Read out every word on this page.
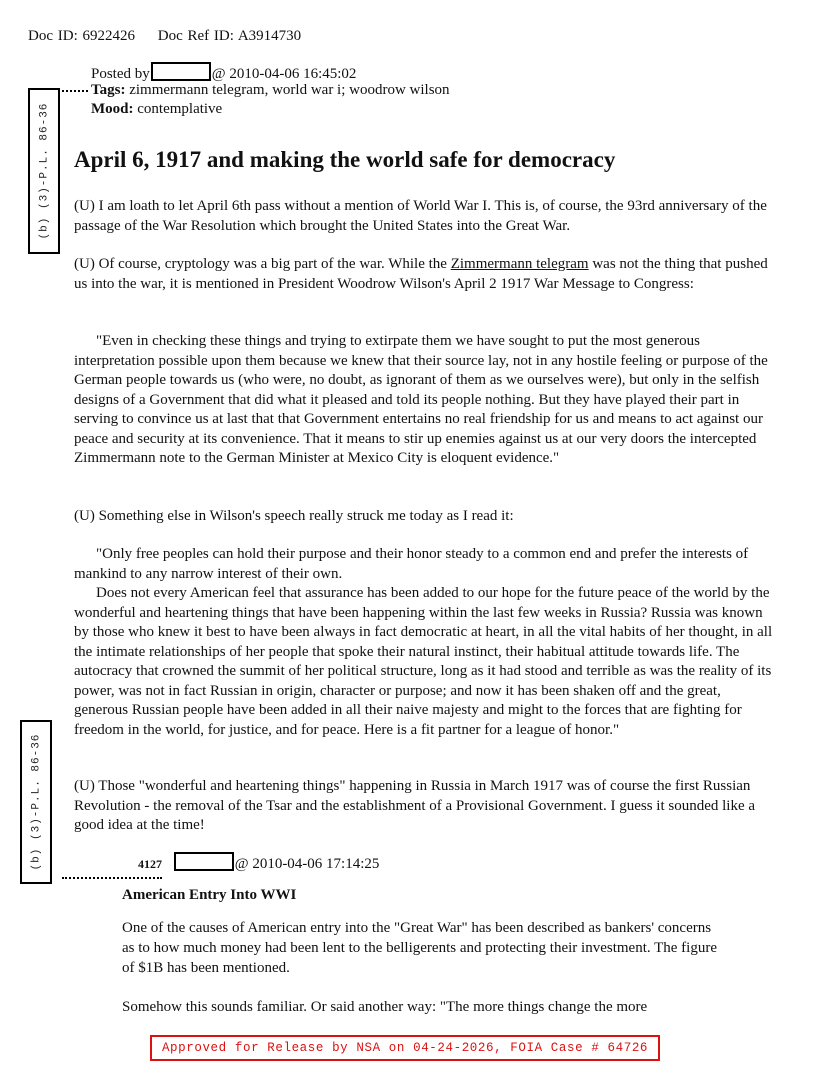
Doc ID: 6922426 Doc Ref ID: A3914730
Posted by	@ 2010-04-06 16:45:02
Tags: zimmermann telegram, world war i; woodrow wilson
Mood: contemplative
(b) (3)-P.L. 86-36
(b) (3)-P.L. 86-36
April 6, 1917 and making the world safe for democracy

(U) I am loath to let April 6th pass without a mention of World War I. This is, of course, the 93rd anniversary of the passage of the War Resolution which brought the United States into the Great War.

(U) Of course, cryptology was a big part of the war. While the Zimmermann telegram was not the thing that pushed us into the war, it is mentioned in President Woodrow Wilson's April 2 1917 War Message to Congress:

"Even in checking these things and trying to extirpate them we have sought to put the most generous interpretation possible upon them because we knew that their source lay, not in any hostile feeling or purpose of the German people towards us (who were, no doubt, as ignorant of them as we ourselves were), but only in the selfish designs of a Government that did what it pleased and told its people nothing. But they have played their part in serving to convince us at last that that Government entertains no real friendship for us and means to act against our peace and security at its convenience. That it means to stir up enemies against us at our very doors the intercepted Zimmermann note to the German Minister at Mexico City is eloquent evidence."

(U) Something else in Wilson's speech really struck me today as I read it:

"Only free peoples can hold their purpose and their honor steady to a common end and prefer the interests of mankind to any narrow interest of their own.

Does not every American feel that assurance has been added to our hope for the future peace of the world by the wonderful and heartening things that have been happening within the last few weeks in Russia? Russia was known by those who knew it best to have been always in fact democratic at heart, in all the vital habits of her thought, in all the intimate relationships of her people that spoke their natural instinct, their habitual attitude towards life. The autocracy that crowned the summit of her political structure, long as it had stood and terrible as was the reality of its power, was not in fact Russian in origin, character or purpose; and now it has been shaken off and the great, generous Russian people have been added in all their naive majesty and might to the forces that are fighting for freedom in the world, for justice, and for peace. Here is a fit partner for a league of honor."

(U) Those "wonderful and heartening things" happening in Russia in March 1917 was of course the first Russian Revolution - the removal of the Tsar and the establishment of a Provisional Government. I guess it sounded like a good idea at the time!

4127	@ 2010-04-06 17:14:25
American Entry Into WWI

One of the causes of American entry into the "Great War" has been described as bankers' concerns as to how much money had been lent to the belligerents and protecting their investment. The figure of $1B has been mentioned.

Somehow this sounds familiar. Or said another way: "The more things change the more

Approved for Release by NSA on 04-24-2026, FOIA Case # 64726
